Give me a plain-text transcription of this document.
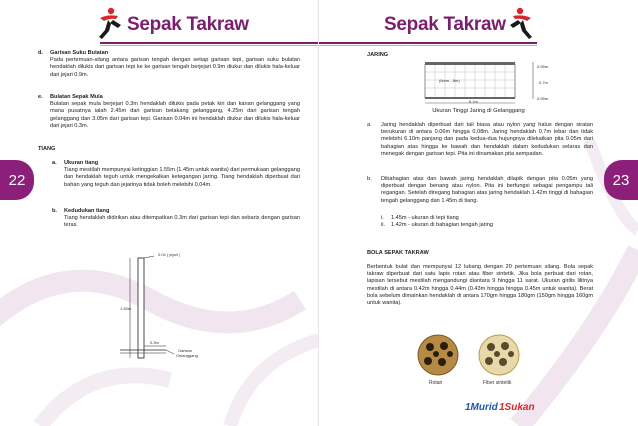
Sepak Takraw
22
d.	Garisan Suku Bulatan
Pada pertemuan-silang antara garisan tengah dengan setiap garisan tepi, garisan suku bulatan hendaklah dilukis dari garisan tepi ke ke garisan tengah berjejari 0.9m diukur dan dilukis hala-keluar dari jejari 0.9m.
e.	Bulatan Sepak Mula
Bulatan sepak mula berjejari 0.3m hendaklah dilukis pada petak kiri dan kanan gelanggang yang mana pusatnya ialah 2.45m dari garisan belakang gelanggang, 4.25m dari garisan tengah gelanggang dan 3.05m dari garisan tepi. Garisan 0.04m ini hendaklah diukur dan dilukis hala-keluar dari jejari 0.3m.
TIANG
a.	Ukuran tiang
Tiang mestilah mempunyai ketinggian 1.55m (1.45m untuk wanita) dari permukaan gelanggang dan hendaklah teguh untuk mengekalkan ketegangan jaring. Tiang hendaklah diperbuat dari bahan yang teguh dan jejarinya tidak boleh melebihi 0.04m.
b.	Kedudukan tiang
Tiang hendaklah didirikan atau ditempatkan 0.3m dari garisan tepi dan sebaris dengan garisan teras.
0.04 ( jejari )
1.55m
0.3m
Garisan
Gelanggang
Sepak Takraw
23
JARING
0.05m
0.7m
0.05m
(6mm - 8m)
6.1m
Ukuran Tinggi Jaring di Gelanggang
a.	Jaring hendaklah diperbuat dari tali biasa atau nylon yang halus dengan siratan berukuran di antara 0.06m hingga 0.08m. Jaring hendaklah 0.7m lebar dan tidak melebihi 6.10m panjang dan pada kedua-dua hujungnya dilekatkan pita 0.05m dari bahagian atas hingga ke bawah dan hendaklah dalam kedudukan selaras dan menegak dengan garisan tepi. Pita ini dinamakan pita sempadan.
b.	Dibahagian atas dan bawah jaring hendaklah dilapik dengan pita 0.05m yang diperbuat dengan benang atau nylon. Pita ini berfungsi sebagai pengampu tali regangan. Setelah diregang bahagian atas jaring hendaklah 1.42m tinggi di bahagian tengah gelanggang dan 1.45m di tiang.
i.	1.45m - ukuran di tepi tiang
ii.	1.42m - ukuran di bahagian tengah jaring
BOLA SEPAK TAKRAW
Berbentuk bulat dan mempunyai 12 lubang dengan 20 pertemuan silang. Bola sepak takraw diperbuat dari satu lapis rotan atau fiber sintetik. Jika bola perbuat dari rotan, lapisan tersebut mestilah mengandungi diantara 9 hingga 11 sarat. Ukuran girilis lilitnya mestilah di antara 0.42m hingga 0.44m (0.43m hingga hingga 0.45m untuk wanita). Berat bola sebelum dimainkan hendaklah di antara 170gm hingga 180gm (150gm hingga 160gm untuk wanita).
Rotan	Fiber sintetik
1Murid 1Sukan
